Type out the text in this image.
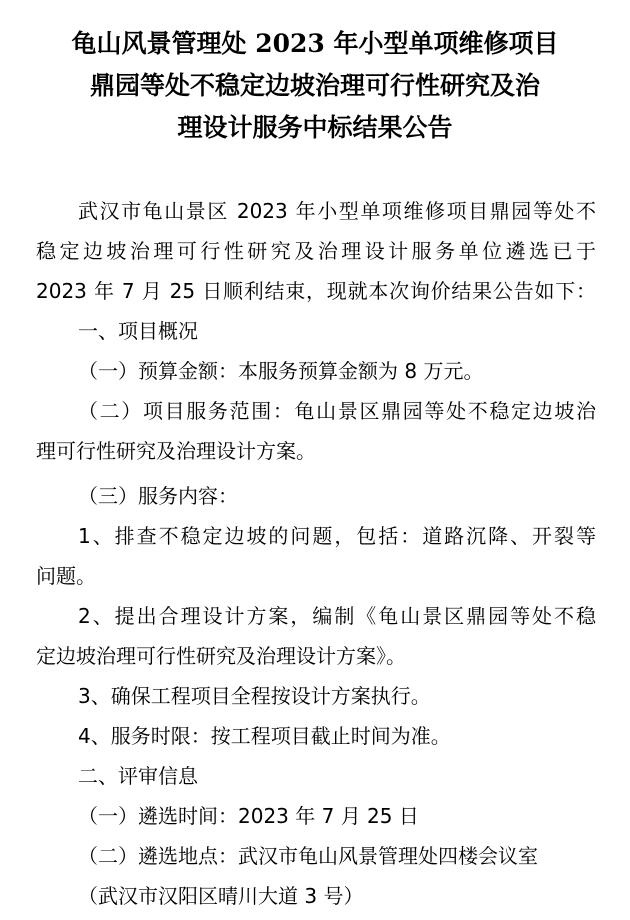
龟山风景管理处 2023 年小型单项维修项目
鼎园等处不稳定边坡治理可行性研究及治
理设计服务中标结果公告
武汉市龟山景区 2023 年小型单项维修项目鼎园等处不
稳定边坡治理可行性研究及治理设计服务单位遴选已于
2023 年 7 月 25 日顺利结束，现就本次询价结果公告如下：
一、项目概况
（一）预算金额：本服务预算金额为 8 万元。
（二）项目服务范围：龟山景区鼎园等处不稳定边坡治
理可行性研究及治理设计方案。
（三）服务内容：
1、排查不稳定边坡的问题，包括：道路沉降、开裂等
问题。
2、提出合理设计方案，编制《龟山景区鼎园等处不稳
定边坡治理可行性研究及治理设计方案》。
3、确保工程项目全程按设计方案执行。
4、服务时限：按工程项目截止时间为准。
二、评审信息
（一）遴选时间：2023 年 7 月 25 日
（二）遴选地点：武汉市龟山风景管理处四楼会议室
（武汉市汉阳区晴川大道 3 号）
